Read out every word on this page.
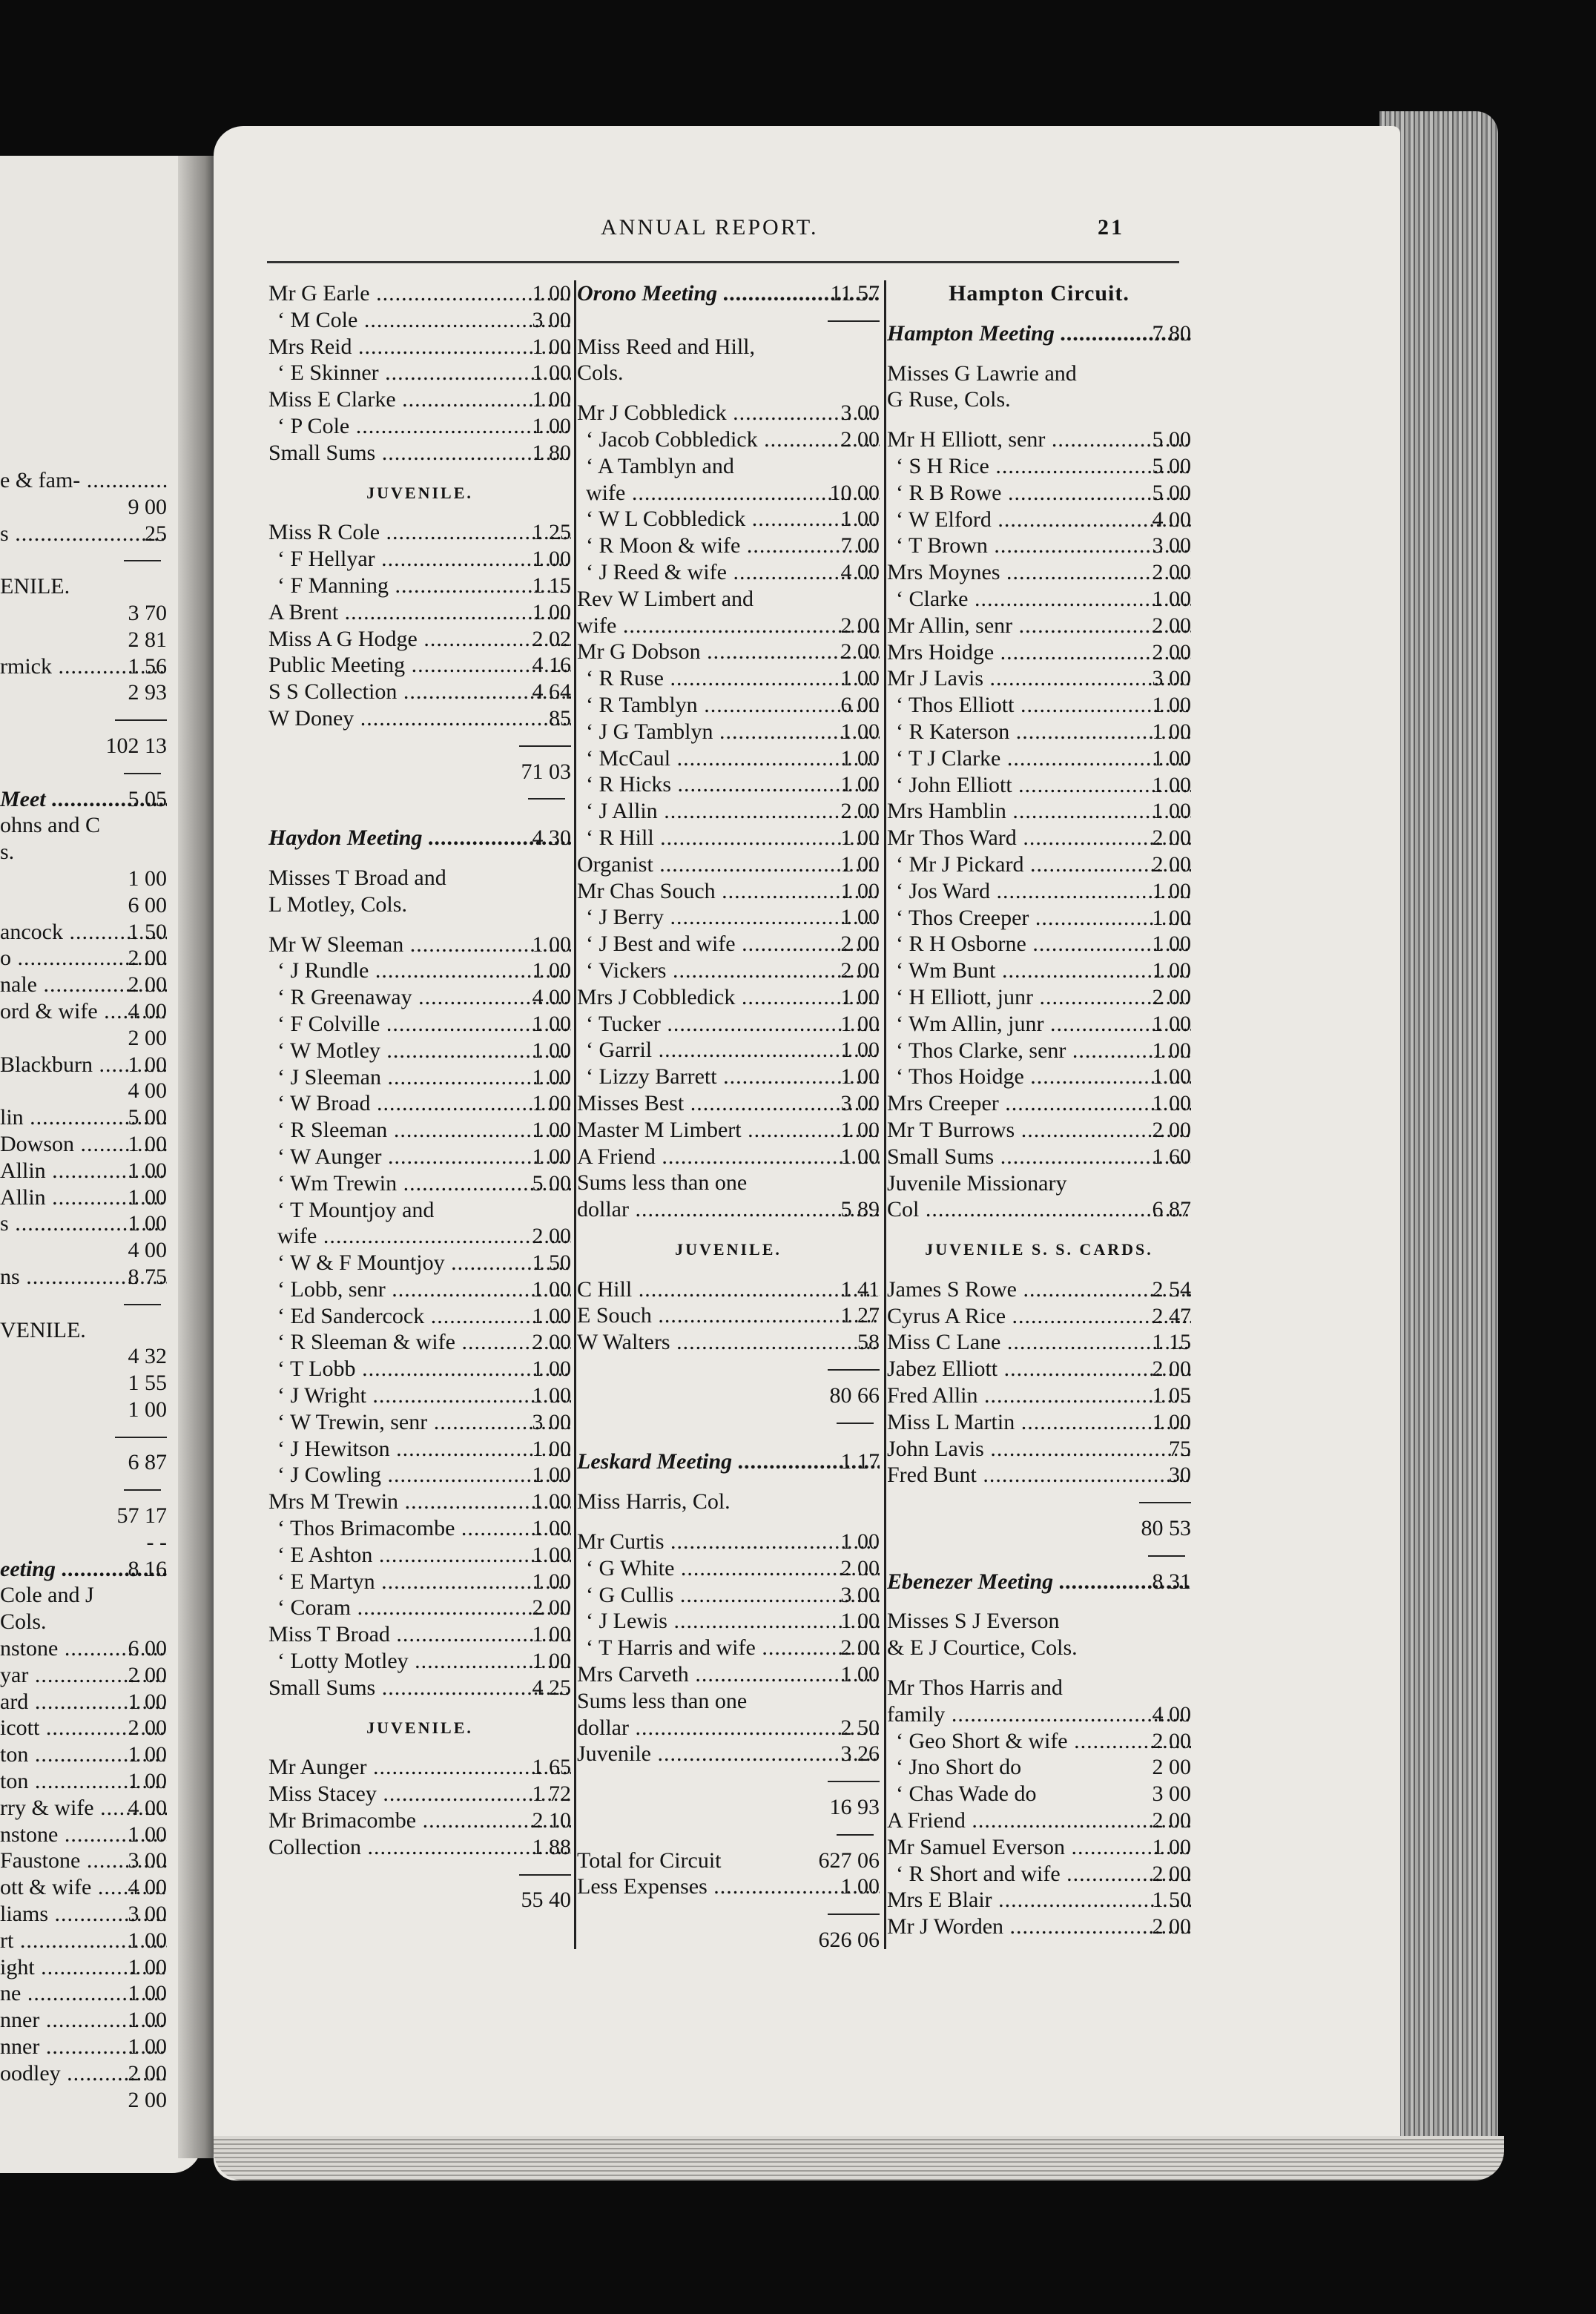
e & fam- .....
9 00
s .....	25
ENILE.
3 70
2 81
rmick .....	1 56
2 93
102 13
Meet .....	5 05
ohns and C
s.
1 00
6 00
ancock .....	1 50
o .....	2 00
nale .....	2 00
ord & wife .....	4 00
2 00
Blackburn .....	1 00
4 00
lin .....	5 00
Dowson .....	1 00
Allin .....	1 00
Allin .....	1 00
s .....	1 00
4 00
ns .....	8 75
VENILE.
4 32
1 55
1 00
6 87
57 17
- -
eeting .....	8 16
Cole and J
Cols.
nstone .....	6 00
yar .....	2 00
ard .....	1 00
icott .....	2 00
ton .....	1 00
ton .....	1 00
rry & wife .....	4 00
nstone .....	1 00
Faustone .....	3 00
ott & wife .....	4 00
liams .....	3 00
rt .....	1 00
ight .....	1 00
ne .....	1 00
nner .....	1 00
nner .....	1 00
oodley .....	2 00
2 00
ANNUAL REPORT.	21
Mr G Earle .....	1 00
‘ M Cole .....	3 00
Mrs Reid .....	1 00
‘ E Skinner .....	1 00
Miss E Clarke .....	1 00
‘ P Cole .....	1 00
Small Sums .....	1 80
JUVENILE.
Miss R Cole .....	1 25
‘ F Hellyar .....	1 00
‘ F Manning .....	1 15
A Brent .....	1 00
Miss A G Hodge .....	2 02
Public Meeting .....	4 16
S S Collection .....	4 64
W Doney .....	85
71 03
Haydon Meeting .....	4 30
Misses T Broad and
L Motley, Cols.
Mr W Sleeman .....	1 00
‘ J Rundle .....	1 00
‘ R Greenaway .....	4 00
‘ F Colville .....	1 00
‘ W Motley .....	1 00
‘ J Sleeman .....	1 00
‘ W Broad .....	1 00
‘ R Sleeman .....	1 00
‘ W Aunger .....	1 00
‘ Wm Trewin .....	5 00
‘ T Mountjoy and
wife .....	2 00
‘ W & F Mountjoy .....	1 50
‘ Lobb, senr .....	1 00
‘ Ed Sandercock .....	1 00
‘ R Sleeman & wife .....	2 00
‘ T Lobb .....	1 00
‘ J Wright .....	1 00
‘ W Trewin, senr .....	3 00
‘ J Hewitson .....	1 00
‘ J Cowling .....	1 00
Mrs M Trewin .....	1 00
‘ Thos Brimacombe .....	1 00
‘ E Ashton .....	1 00
‘ E Martyn .....	1 00
‘ Coram .....	2 00
Miss T Broad .....	1 00
‘ Lotty Motley .....	1 00
Small Sums .....	4 25
JUVENILE.
Mr Aunger .....	1 65
Miss Stacey .....	1 72
Mr Brimacombe .....	2 10
Collection .....	1 88
55 40
Orono Meeting .....	11 57
Miss Reed and Hill,
Cols.
Mr J Cobbledick .....	3 00
‘ Jacob Cobbledick .....	2 00
‘ A Tamblyn and
wife .....	10 00
‘ W L Cobbledick .....	1 00
‘ R Moon & wife .....	7 00
‘ J Reed & wife .....	4 00
Rev W Limbert and
wife .....	2 00
Mr G Dobson .....	2 00
‘ R Ruse .....	1 00
‘ R Tamblyn .....	6 00
‘ J G Tamblyn .....	1 00
‘ McCaul .....	1 00
‘ R Hicks .....	1 00
‘ J Allin .....	2 00
‘ R Hill .....	1 00
Organist .....	1 00
Mr Chas Souch .....	1 00
‘ J Berry .....	1 00
‘ J Best and wife .....	2 00
‘ Vickers .....	2 00
Mrs J Cobbledick .....	1 00
‘ Tucker .....	1 00
‘ Garril .....	1 00
‘ Lizzy Barrett .....	1 00
Misses Best .....	3 00
Master M Limbert .....	1 00
A Friend .....	1 00
Sums less than one
dollar .....	5 89
JUVENILE.
C Hill .....	1 41
E Souch .....	1 27
W Walters .....	58
80 66
Leskard Meeting .....	1 17
Miss Harris, Col.
Mr Curtis .....	1 00
‘ G White .....	2 00
‘ G Cullis .....	3 00
‘ J Lewis .....	1 00
‘ T Harris and wife .....	2 00
Mrs Carveth .....	1 00
Sums less than one
dollar .....	2 50
Juvenile .....	3 26
16 93
Total for Circuit	627 06
Less Expenses .....	1 00
626 06
Hampton Circuit.
Hampton Meeting .....	7 80
Misses G Lawrie and
G Ruse, Cols.
Mr H Elliott, senr .....	5 00
‘ S H Rice .....	5 00
‘ R B Rowe .....	5 00
‘ W Elford .....	4 00
‘ T Brown .....	3 00
Mrs Moynes .....	2 00
‘ Clarke .....	1 00
Mr Allin, senr .....	2 00
Mrs Hoidge .....	2 00
Mr J Lavis .....	3 00
‘ Thos Elliott .....	1 00
‘ R Katerson .....	1 00
‘ T J Clarke .....	1 00
‘ John Elliott .....	1 00
Mrs Hamblin .....	1 00
Mr Thos Ward .....	2 00
‘ Mr J Pickard .....	2 00
‘ Jos Ward .....	1 00
‘ Thos Creeper .....	1 00
‘ R H Osborne .....	1 00
‘ Wm Bunt .....	1 00
‘ H Elliott, junr .....	2 00
‘ Wm Allin, junr .....	1 00
‘ Thos Clarke, senr .....	1 00
‘ Thos Hoidge .....	1 00
Mrs Creeper .....	1 00
Mr T Burrows .....	2 00
Small Sums .....	1 60
Juvenile Missionary
Col .....	6 87
JUVENILE S. S. CARDS.
James S Rowe .....	2 54
Cyrus A Rice .....	2 47
Miss C Lane .....	1 15
Jabez Elliott .....	2 00
Fred Allin .....	1 05
Miss L Martin .....	1 00
John Lavis .....	75
Fred Bunt .....	30
80 53
Ebenezer Meeting .....	8 31
Misses S J Everson
& E J Courtice, Cols.
Mr Thos Harris and
family .....	4 00
‘ Geo Short & wife .....	2 00
‘ Jno Short do	2 00
‘ Chas Wade do	3 00
A Friend .....	2 00
Mr Samuel Everson .....	1 00
‘ R Short and wife .....	2 00
Mrs E Blair .....	1 50
Mr J Worden .....	2 00
